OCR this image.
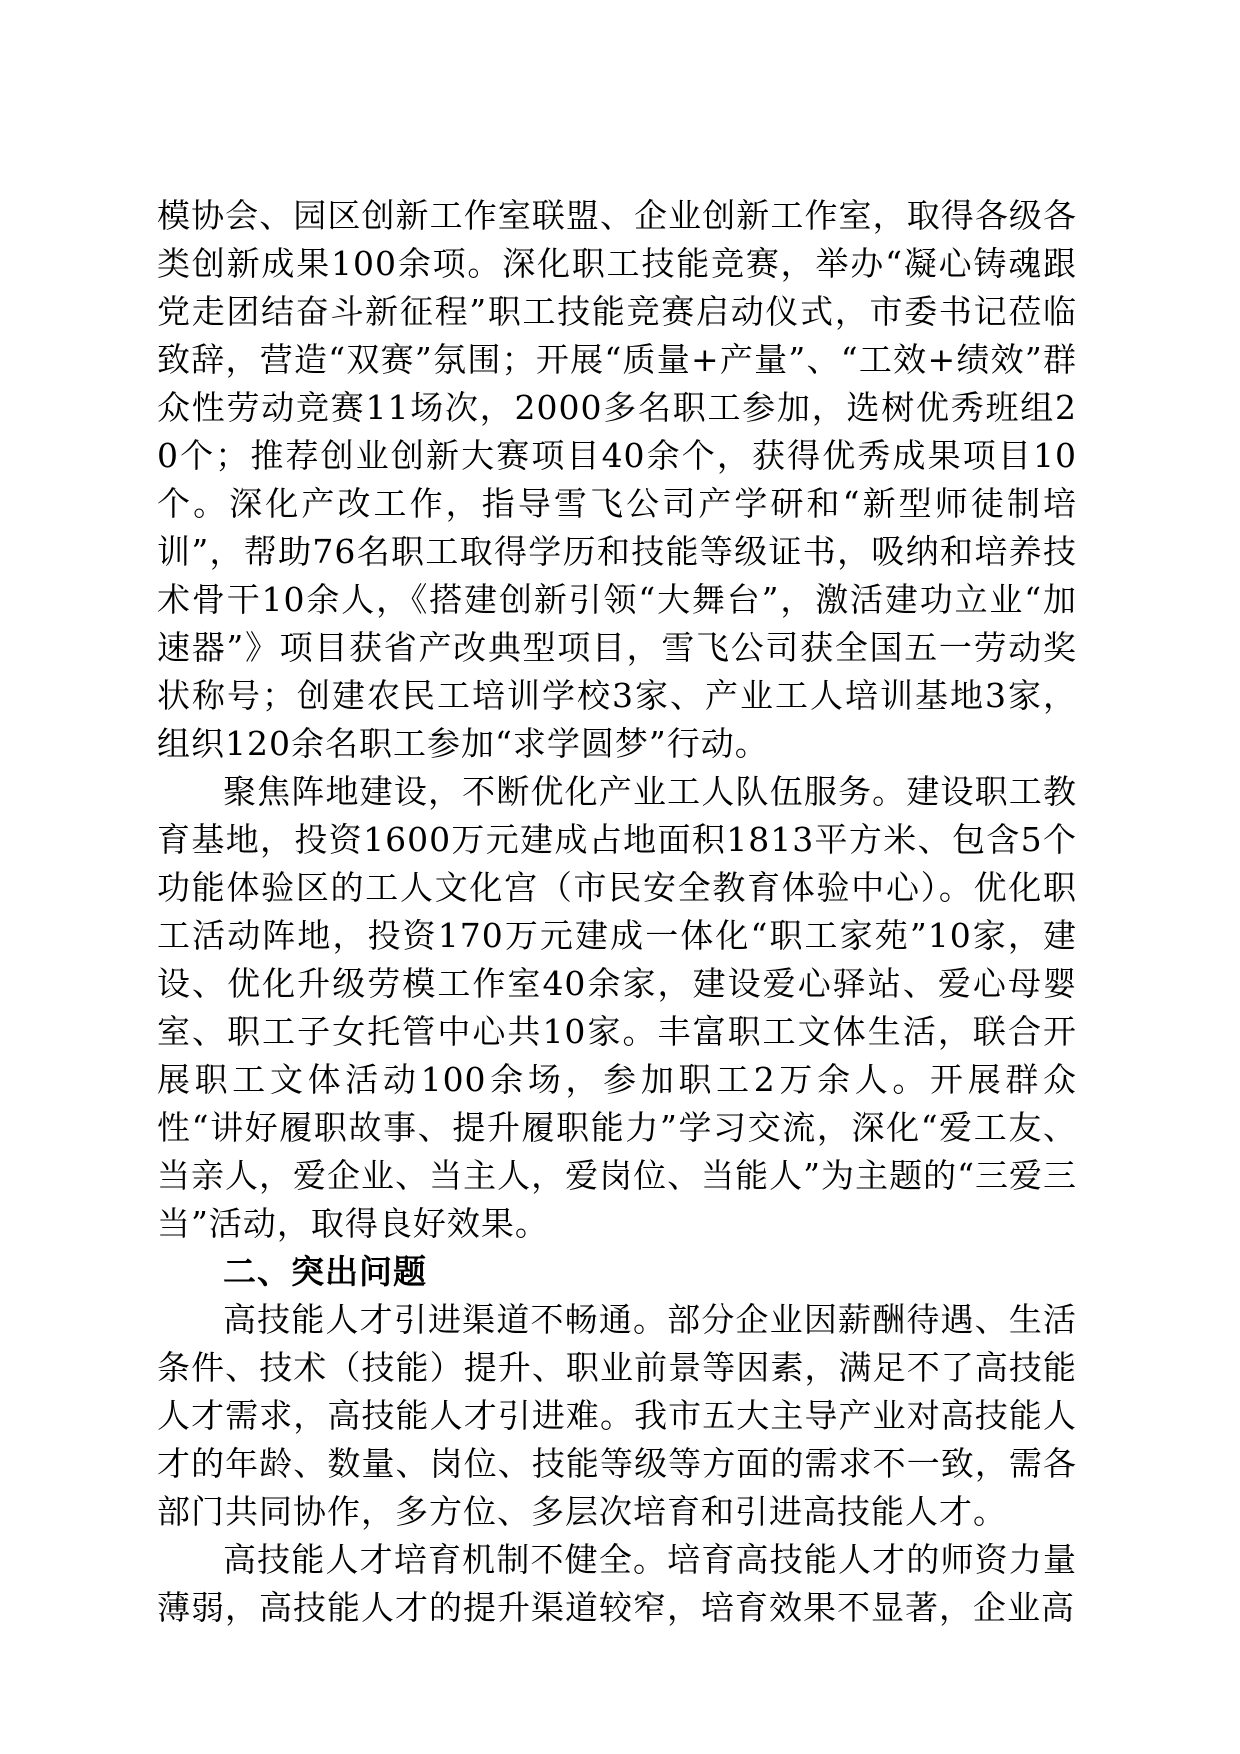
模协会、园区创新工作室联盟、企业创新工作室，取得各级各类创新成果100余项。深化职工技能竞赛，举办“凝心铸魂跟党走团结奋斗新征程”职工技能竞赛启动仪式，市委书记莅临致辞，营造“双赛”氛围；开展“质量+产量”、“工效+绩效”群众性劳动竞赛11场次，2000多名职工参加，选树优秀班组20个；推荐创业创新大赛项目40余个，获得优秀成果项目10个。深化产改工作，指导雪飞公司产学研和“新型师徒制培训”，帮助76名职工取得学历和技能等级证书，吸纳和培养技术骨干10余人，《搭建创新引领“大舞台”，激活建功立业“加速器”》项目获省产改典型项目，雪飞公司获全国五一劳动奖状称号；创建农民工培训学校3家、产业工人培训基地3家，组织120余名职工参加“求学圆梦”行动。

聚焦阵地建设，不断优化产业工人队伍服务。建设职工教育基地，投资1600万元建成占地面积1813平方米、包含5个功能体验区的工人文化宫（市民安全教育体验中心）。优化职工活动阵地，投资170万元建成一体化“职工家苑”10家，建设、优化升级劳模工作室40余家，建设爱心驿站、爱心母婴室、职工子女托管中心共10家。丰富职工文体生活，联合开展职工文体活动100余场，参加职工2万余人。开展群众性“讲好履职故事、提升履职能力”学习交流，深化“爱工友、当亲人，爱企业、当主人，爱岗位、当能人”为主题的“三爱三当”活动，取得良好效果。

二、突出问题

高技能人才引进渠道不畅通。部分企业因薪酬待遇、生活条件、技术（技能）提升、职业前景等因素，满足不了高技能人才需求，高技能人才引进难。我市五大主导产业对高技能人才的年龄、数量、岗位、技能等级等方面的需求不一致，需各部门共同协作，多方位、多层次培育和引进高技能人才。

高技能人才培育机制不健全。培育高技能人才的师资力量薄弱，高技能人才的提升渠道较窄，培育效果不显著，企业高
